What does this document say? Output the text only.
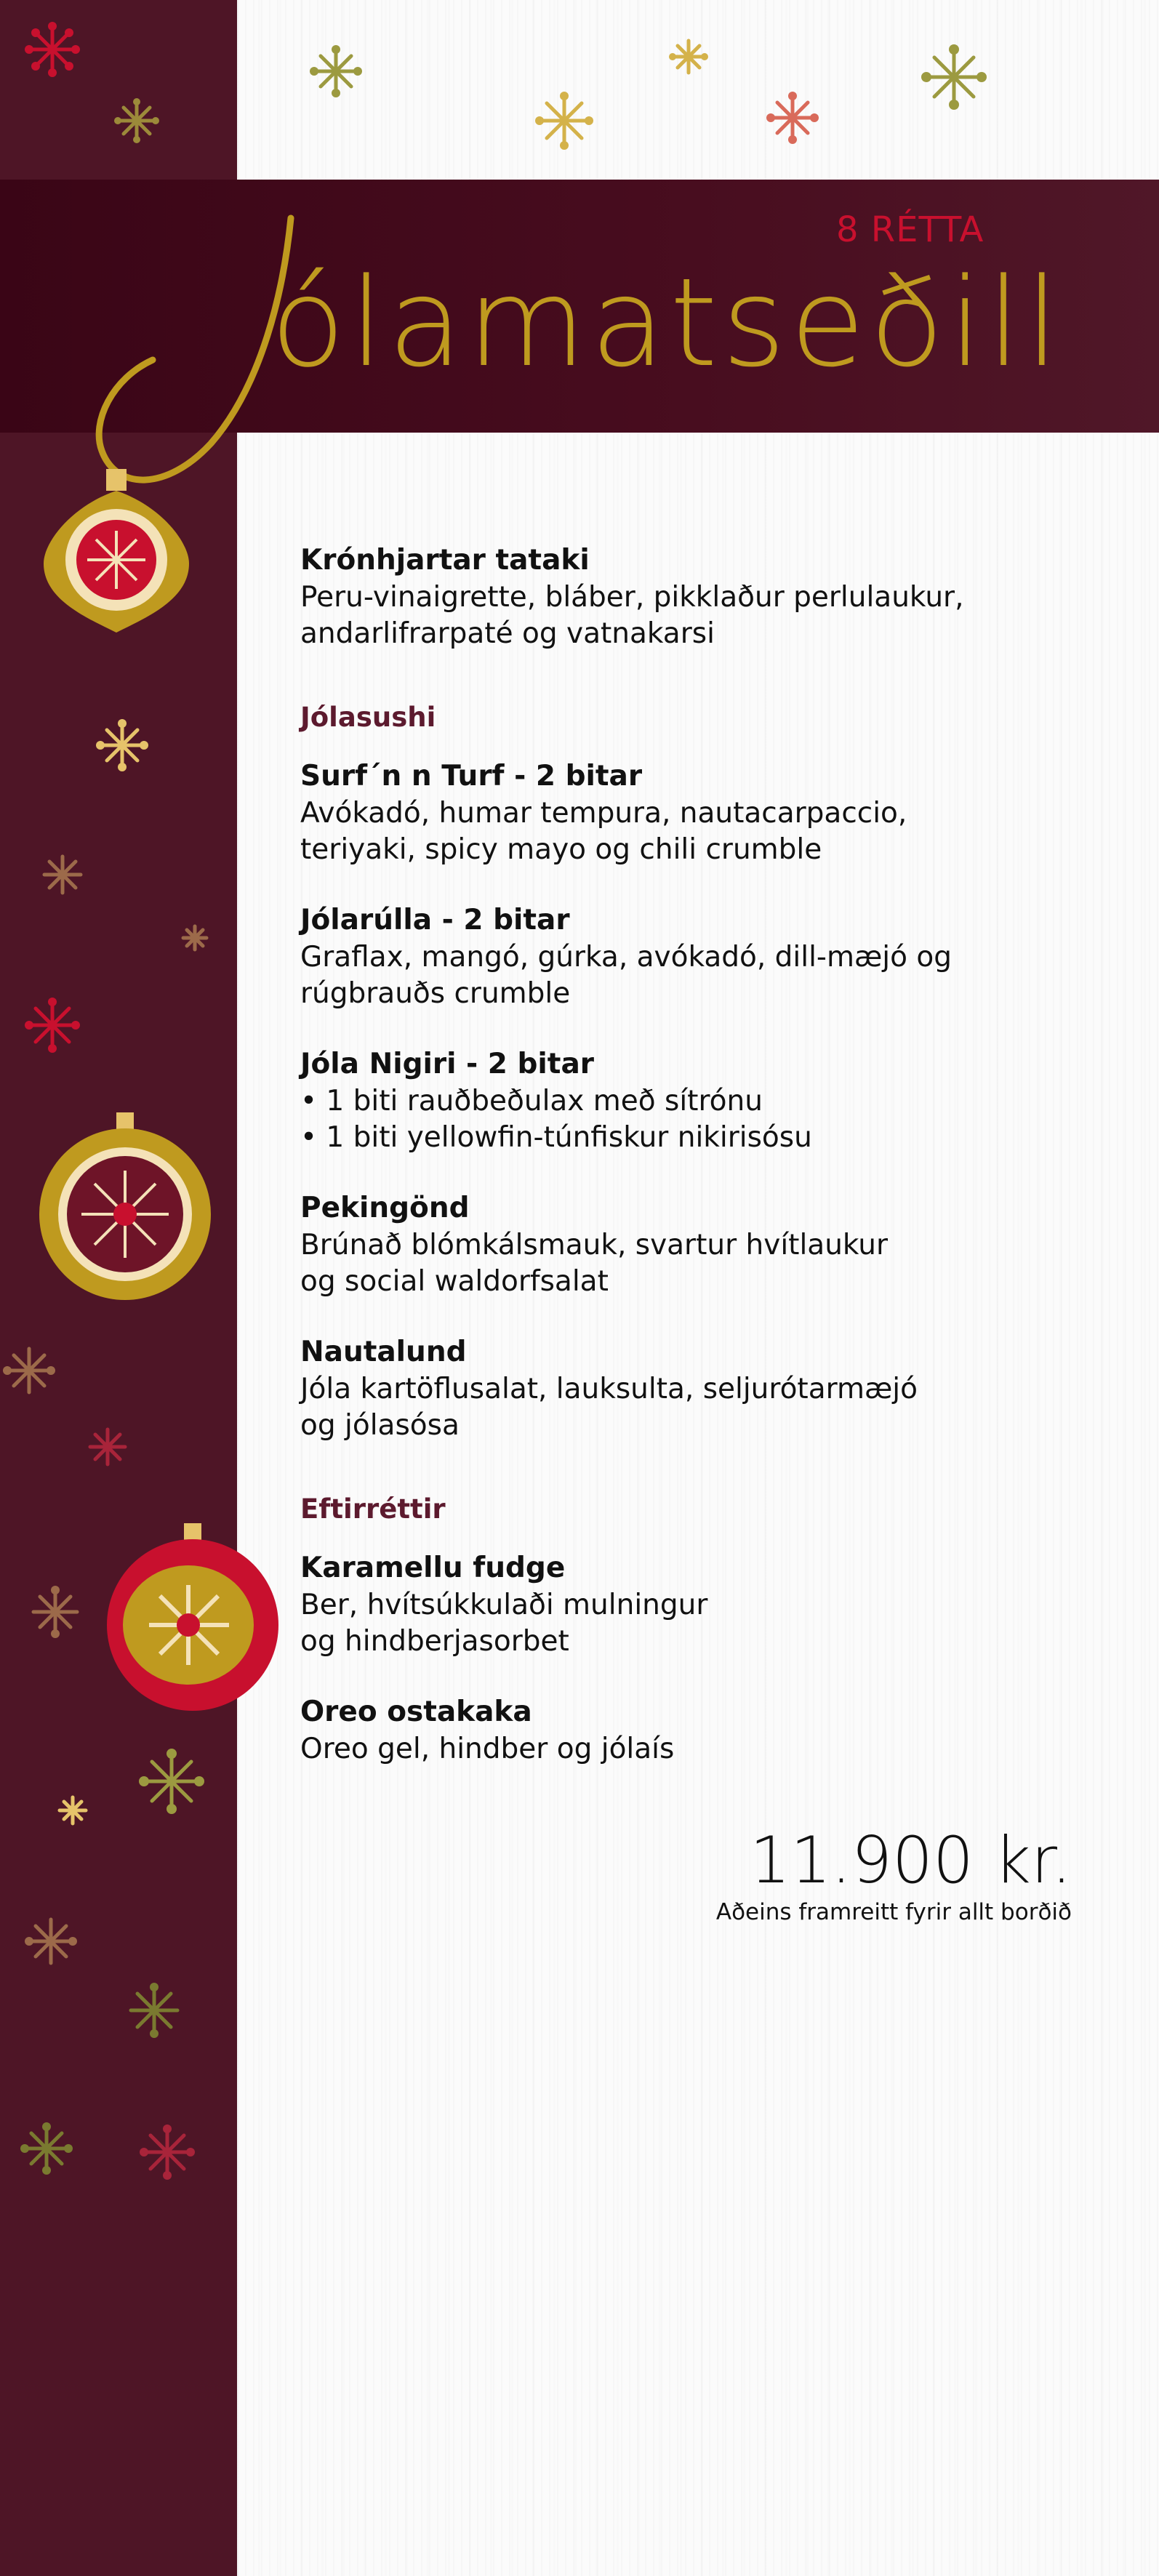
8 RÉTTA
ólamatseðill
Krónhjartar tataki
Peru-vinaigrette, bláber, pikklaður perlulaukur,
andarlifrarpaté og vatnakarsi
Jólasushi
Surf´n n Turf - 2 bitar
Avókadó, humar tempura, nautacarpaccio,
teriyaki, spicy mayo og chili crumble
Jólarúlla - 2 bitar
Graflax, mangó, gúrka, avókadó, dill-mæjó og
rúgbrauðs crumble
Jóla Nigiri - 2 bitar
• 1 biti rauðbeðulax með sítrónu
• 1 biti yellowfin-túnfiskur nikirisósu
Pekingönd
Brúnað blómkálsmauk, svartur hvítlaukur
og social waldorfsalat
Nautalund
Jóla kartöflusalat, lauksulta, seljurótarmæjó
og jólasósa
Eftirréttir
Karamellu fudge
Ber, hvítsúkkulaði mulningur
og hindberjasorbet
Oreo ostakaka
Oreo gel, hindber og jólaís
11.900 kr.
Aðeins framreitt fyrir allt borðið
